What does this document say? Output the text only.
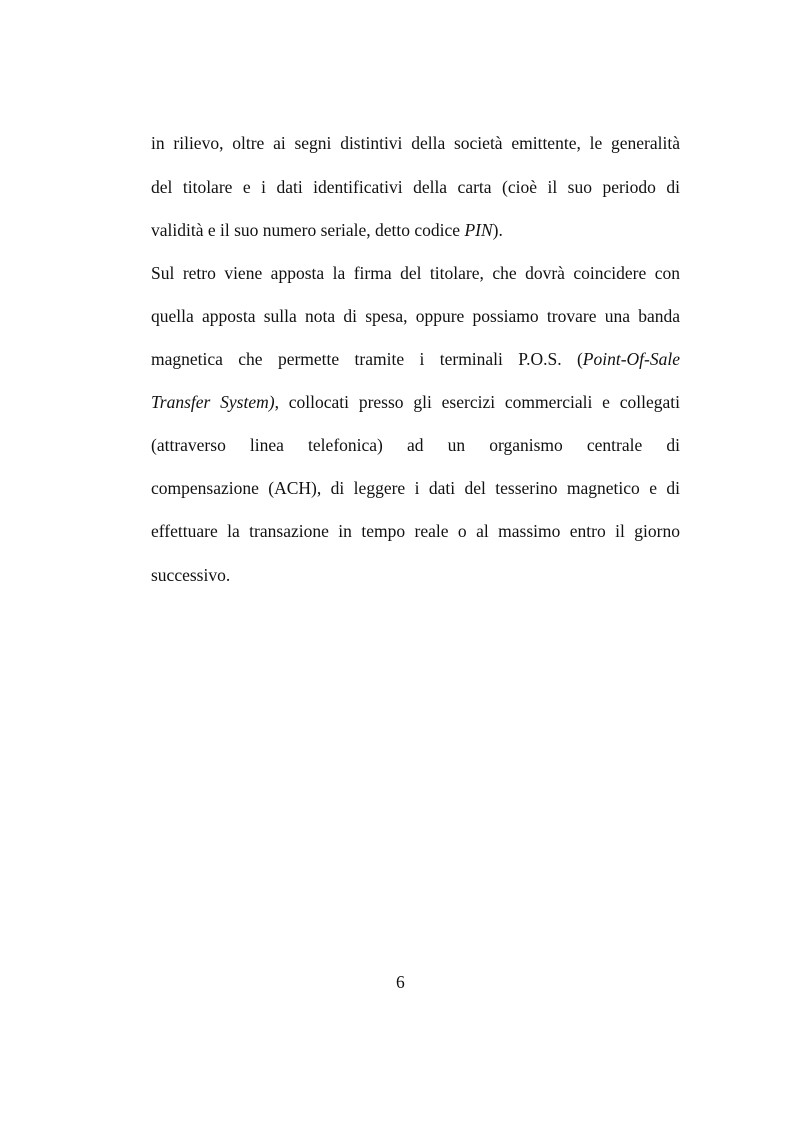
in rilievo, oltre ai segni distintivi della società emittente, le generalità
del titolare e i dati identificativi della carta (cioè il suo periodo di
validità e il suo numero seriale, detto codice PIN).
Sul retro viene apposta la firma del titolare, che dovrà coincidere con
quella apposta sulla nota di spesa, oppure possiamo trovare una banda
magnetica che permette tramite i terminali P.O.S. (Point-Of-Sale
Transfer System), collocati presso gli esercizi commerciali e collegati
(attraverso linea telefonica) ad un organismo centrale di
compensazione (ACH), di leggere i dati del tesserino magnetico e di
effettuare la transazione in tempo reale o al massimo entro il giorno
successivo.
6
